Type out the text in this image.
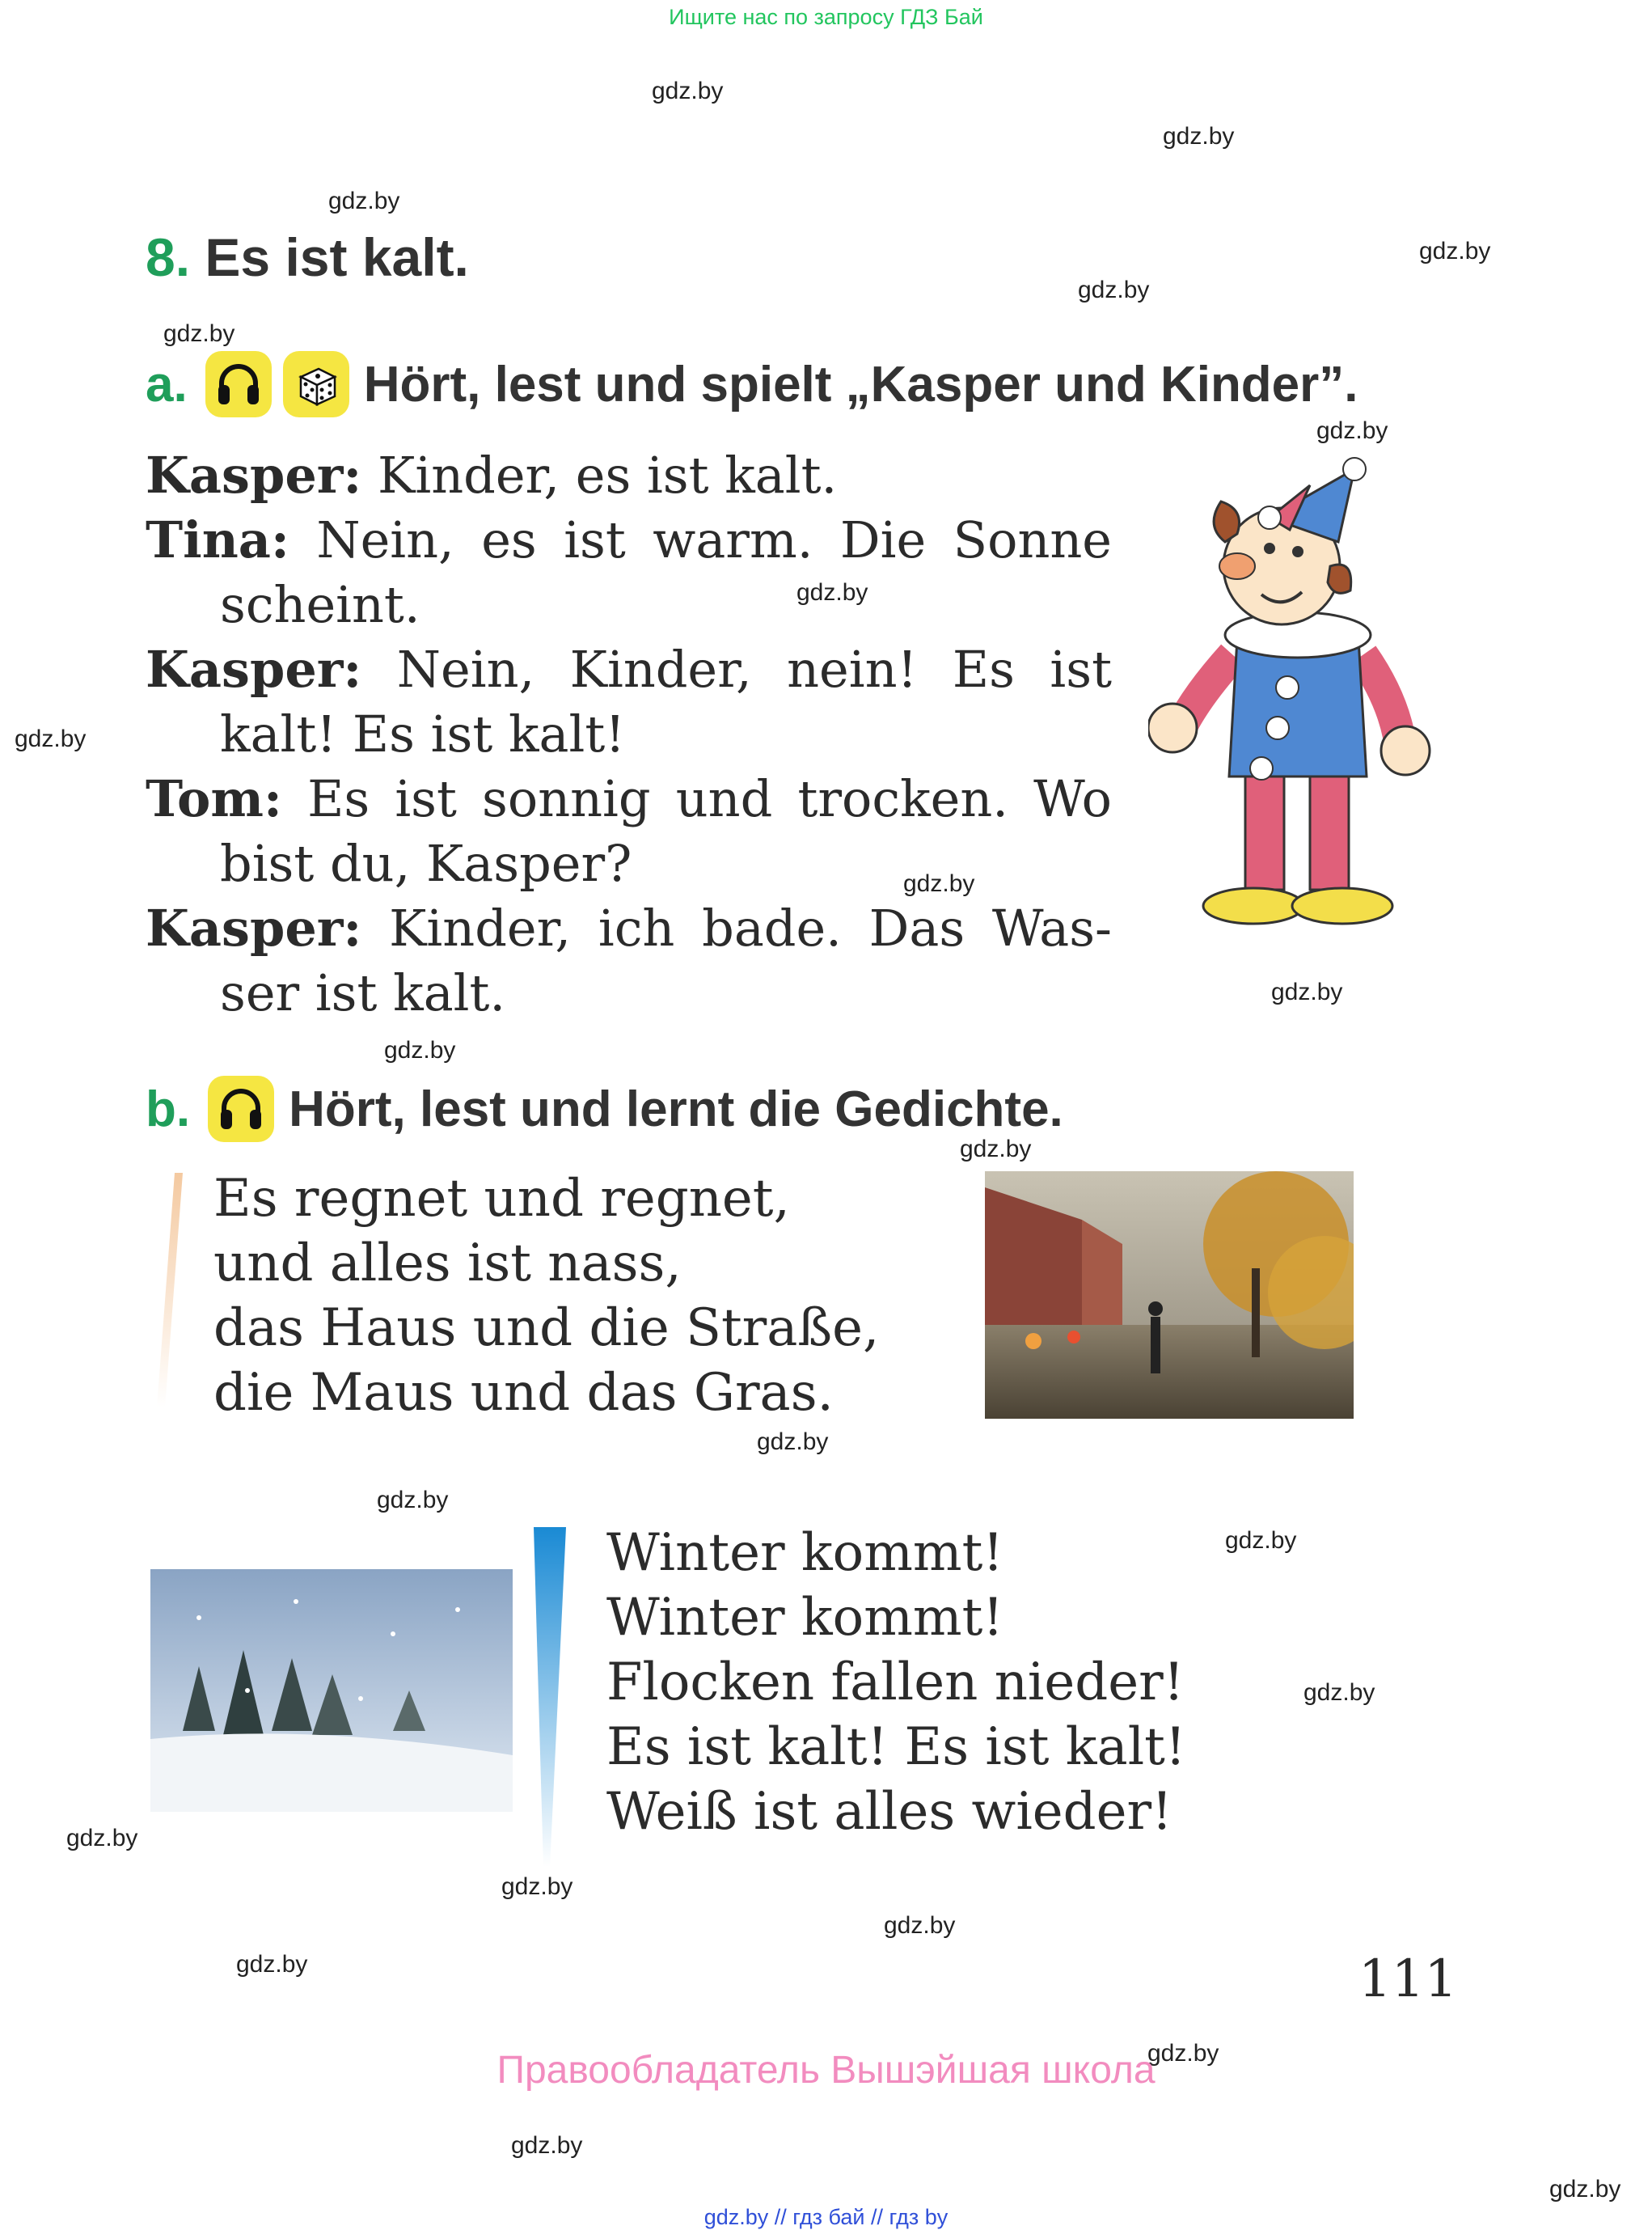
Ищите нас по запросу ГДЗ Бай
gdz.by
gdz.by
gdz.by
gdz.by
gdz.by
gdz.by
gdz.by
gdz.by
gdz.by
gdz.by
gdz.by
gdz.by
gdz.by
gdz.by
gdz.by
gdz.by
gdz.by
gdz.by
gdz.by
gdz.by
gdz.by
gdz.by
gdz.by
gdz.by
8. Es ist kalt.
a.	Hört, lest und spielt „Kasper und Kinder”.

Kasper: Kinder, es ist kalt.

Tina: Nein, es ist warm. Die Sonne scheint.

Kasper: Nein, Kinder, nein! Es ist kalt! Es ist kalt!

Tom: Es ist sonnig und trocken. Wo bist du, Kasper?

Kasper: Kinder, ich bade. Das Was-ser ist kalt.

b. Hört, lest und lernt die Gedichte.
Es regnet und regnet,
und alles ist nass,
das Haus und die Straße,
die Maus und das Gras.
Winter kommt!
Winter kommt!
Flocken fallen nieder!
Es ist kalt! Es ist kalt!
Weiß ist alles wieder!
111
Правообладатель Вышэйшая школа
gdz.by // гдз бай // гдз by
